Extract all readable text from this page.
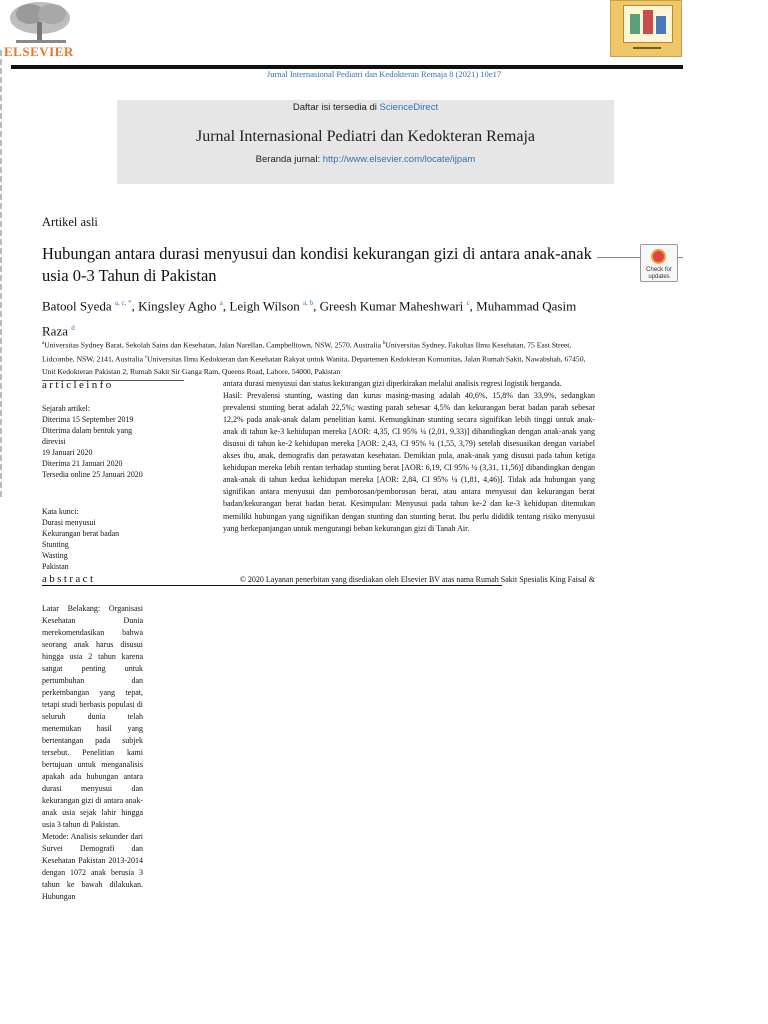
ELSEVIER
Jurnal Internasional Pediatri dan Kedokteran Remaja 8 (2021) 10e17
Daftar isi tersedia di ScienceDirect
Jurnal Internasional Pediatri dan Kedokteran Remaja
Beranda jurnal: http://www.elsevier.com/locate/ijpam
Artikel asli
Hubungan antara durasi menyusui dan kondisi kekurangan gizi di antara anak-anak usia 0-3 Tahun di Pakistan	Check for updates
Batool Syeda $^{a, c, *}$, Kingsley Agho $^a$, Leigh Wilson $^{a, b}$, Greesh Kumar Maheshwari $^c$, Muhammad Qasim Raza $^d$
$^a$Universitas Sydney Barat, Sekolah Sains dan Kesehatan, Jalan Narellan, Campbelltown, NSW, 2570, Australia $^b$Universitas Sydney, Fakultas Ilmu Kesehatan, 75 East Street, Lidcombe, NSW, 2141, Australia $^c$Universitas Ilmu Kedokteran dan Kesehatan Rakyat untuk Wanita, Departemen Kedokteran Komunitas, Jalan Rumah Sakit, Nawabshah, 67450, Unit Kedokteran Pakistan 2, Rumah Sakit Sir Ganga Ram, Queens Road, Lahore, 54000, Pakistan
articleinfo
Sejarah artikel:
Diterima 15 September 2019
Diterima dalam bentuk yang direvisi
19 Januari 2020
Diterima 21 Januari 2020
Tersedia online 25 Januari 2020
Kata kunci:
Durasi menyusui
Kekurangan berat badan
Stunting
Wasting
Pakistan
abstract

Latar Belakang: Organisasi Kesehatan Dunia merekomendasikan bahwa seorang anak harus disusui hingga usia 2 tahun karena sangat penting untuk pertumbuhan dan perkembangan yang tepat, tetapi studi berbasis populasi di seluruh dunia telah menemukan hasil yang bertentangan pada subjek tersebut. Penelitian kami bertujuan untuk menganalisis apakah ada hubungan antara durasi menyusui dan kekurangan gizi di antara anak-anak usia sejak lahir hingga usia 3 tahun di Pakistan.

Metode: Analisis sekunder dari Survei Demografi dan Kesehatan Pakistan 2013-2014 dengan 1072 anak berusia 3 tahun ke bawah dilakukan. Hubungan

antara durasi menyusui dan status kekurangan gizi diperkirakan melalui analisis regresi logistik berganda.

Hasil: Prevalensi stunting, wasting dan kurus masing-masing adalah 40,6%, 15,8% dan 33,9%, sedangkan prevalensi stunting berat adalah 22,5%; wasting parah sebesar 4,5% dan kekurangan berat badan parah sebesar 12,2% pada anak-anak dalam penelitian kami. Kemungkinan stunting secara signifikan lebih tinggi untuk anak-anak di tahun ke-3 kehidupan mereka [AOR: 4,35, CI 95% ¼ (2,01, 9,33)] dibandingkan dengan anak-anak yang disusui di tahun ke-2 kehidupan mereka [AOR: 2,43, CI 95% ¼ (1,55, 3,79) setelah disesuaikan dengan variabel akses ibu, anak, demografis dan perawatan kesehatan. Demikian pula, anak-anak yang disusui pada tahun ketiga kehidupan mereka lebih rentan terhadap stunting berat [AOR: 6,19, CI 95% ¼ (3,31, 11,56)] dibandingkan dengan anak-anak di tahun kedua kehidupan mereka [AOR: 2,84, CI 95% ¼ (1,81, 4,46)]. Tidak ada hubungan yang signifikan antara menyusui dan pemborosan/pemborosan berat, atau antara menyusui dan kekurangan berat badan/kekurangan berat badan berat. Kesimpulan: Menyusui pada tahun ke-2 dan ke-3 kehidupan ditemukan memiliki hubungan yang signifikan dengan stunting dan stunting berat. Ibu perlu dididik tentang risiko menyusui yang berkepanjangan untuk mengurangi beban kekurangan gizi di Tanah Air.

© 2020 Layanan penerbitan yang disediakan oleh Elsevier BV atas nama Rumah Sakit Spesialis King Faisal &
